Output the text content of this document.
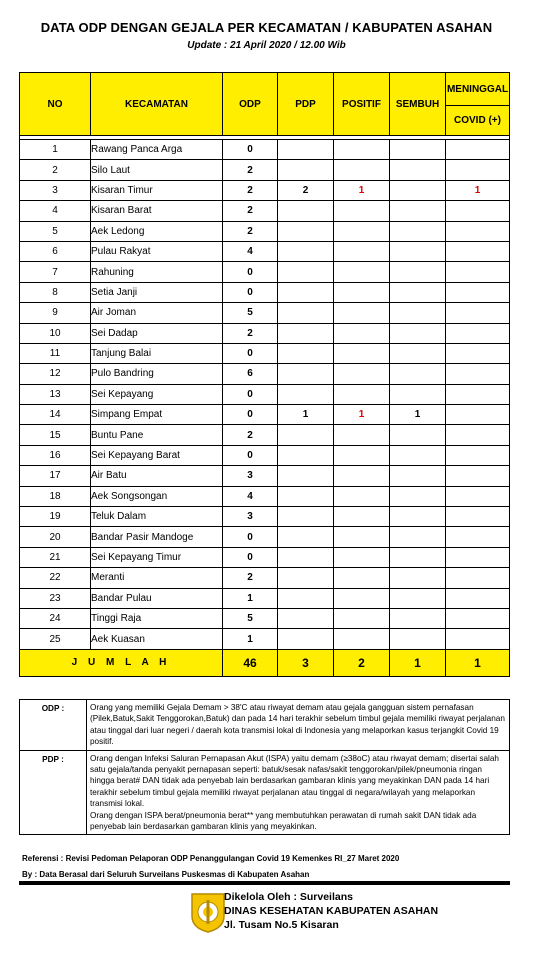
DATA ODP DENGAN GEJALA PER KECAMATAN / KABUPATEN ASAHAN
Update : 21 April 2020 / 12.00 Wib
NO	KECAMATAN	ODP	PDP	POSITIF	SEMBUH	MENINGGAL
						COVID (+)

1	Rawang Panca Arga	0				
2	Silo Laut	2				
3	Kisaran Timur	2	2	1		1
4	Kisaran Barat	2				
5	Aek Ledong	2				
6	Pulau Rakyat	4				
7	Rahuning	0				
8	Setia Janji	0				
9	Air Joman	5				
10	Sei Dadap	2				
11	Tanjung Balai	0				
12	Pulo Bandring	6				
13	Sei Kepayang	0				
14	Simpang Empat	0	1	1	1	
15	Buntu Pane	2				
16	Sei Kepayang Barat	0				
17	Air Batu	3				
18	Aek Songsongan	4				
19	Teluk Dalam	3				
20	Bandar Pasir Mandoge	0				
21	Sei Kepayang Timur	0				
22	Meranti	2				
23	Bandar Pulau	1				
24	Tinggi Raja	5				
25	Aek Kuasan	1				
J U M L A H		46	3	2	1	1
ODP :	Orang yang memiliki Gejala Demam > 38'C atau riwayat demam atau gejala gangguan sistem pernafasan (Pilek,Batuk,Sakit Tenggorokan,Batuk) dan pada 14 hari terakhir sebelum timbul gejala memiliki riwayat perjalanan atau tinggal dari luar negeri / daerah kota transmisi lokal di Indonesia yang melaporkan kasus terjangkit Covid 19 positif.
PDP :	Orang dengan Infeksi Saluran Pernapasan Akut (ISPA) yaitu demam (≥38oC) atau riwayat demam; disertai salah satu gejala/tanda penyakit pernapasan seperti: batuk/sesak nafas/sakit tenggorokan/pilek/pneumonia ringan hingga berat# DAN tidak ada penyebab lain berdasarkan gambaran klinis yang meyakinkan DAN pada 14 hari terakhir sebelum timbul gejala memiliki riwayat perjalanan atau tinggal di negara/wilayah yang melaporkan transmisi lokal.
Orang dengan ISPA berat/pneumonia berat** yang membutuhkan perawatan di rumah sakit DAN tidak ada penyebab lain berdasarkan gambaran klinis yang meyakinkan.
Referensi : Revisi Pedoman Pelaporan ODP Penanggulangan Covid 19 Kemenkes RI_27 Maret 2020
By : Data Berasal dari Seluruh Surveilans Puskesmas di Kabupaten Asahan
Dikelola Oleh : Surveilans
DINAS KESEHATAN KABUPATEN ASAHAN
Jl. Tusam No.5 Kisaran
